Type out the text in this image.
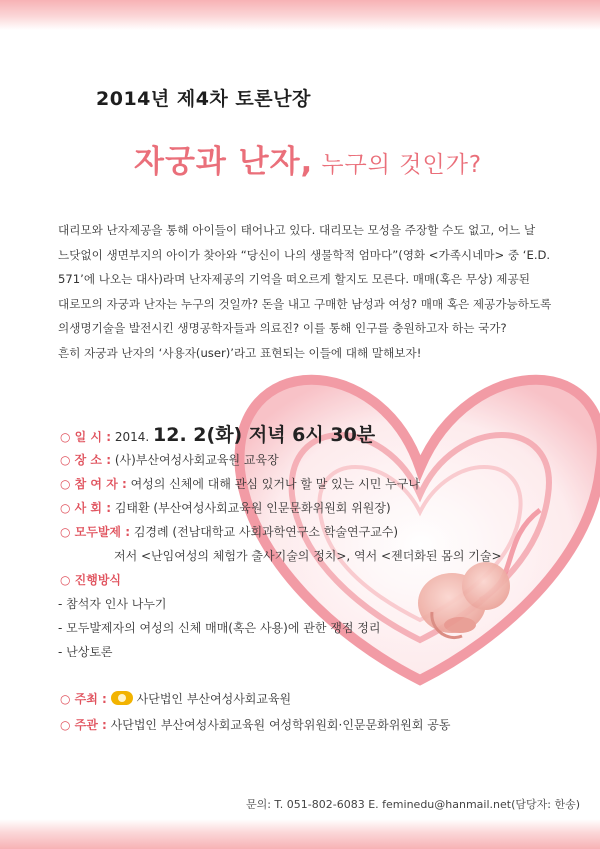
2014년 제4차 토론난장
자궁과 난자, 누구의 것인가?

대리모와 난자제공을 통해 아이들이 태어나고 있다. 대리모는 모성을 주장할 수도 없고, 어느 날

느닷없이 생면부지의 아이가 찾아와 “당신이 나의 생물학적 엄마다”(영화 <가족시네마> 중 ‘E.D.

571’에 나오는 대사)라며 난자제공의 기억을 떠오르게 할지도 모른다. 매매(혹은 무상) 제공된

대로모의 자궁과 난자는 누구의 것일까? 돈을 내고 구매한 남성과 여성? 매매 혹은 제공가능하도록

의생명기술을 발전시킨 생명공학자들과 의료진? 이를 통해 인구를 충원하고자 하는 국가?

흔히 자궁과 난자의 ‘사용자(user)’라고 표현되는 이들에 대해 말해보자!

○ 일 시 : 2014. 12. 2(화) 저녁 6시 30분
○ 장 소 : (사)부산여성사회교육원 교육장
○ 참 여 자 : 여성의 신체에 대해 관심 있거나 할 말 있는 시민 누구나
○ 사 회 : 김태환 (부산여성사회교육원 인문문화위원회 위원장)
○ 모두발제 : 김경례 (전남대학교 사회과학연구소 학술연구교수)
저서 <난임여성의 체험가 출사기술의 정치>, 역서 <젠더화된 몸의 기술>
○ 진행방식
- 참석자 인사 나누기
- 모두발제자의 여성의 신체 매매(혹은 사용)에 관한 쟁점 정리
- 난상토론
○ 주최 : 사단법인 부산여성사회교육원
○ 주관 : 사단법인 부산여성사회교육원 여성학위원회·인문문화위원회 공동
문의: T. 051-802-6083 E. feminedu@hanmail.net(담당자: 한송)
